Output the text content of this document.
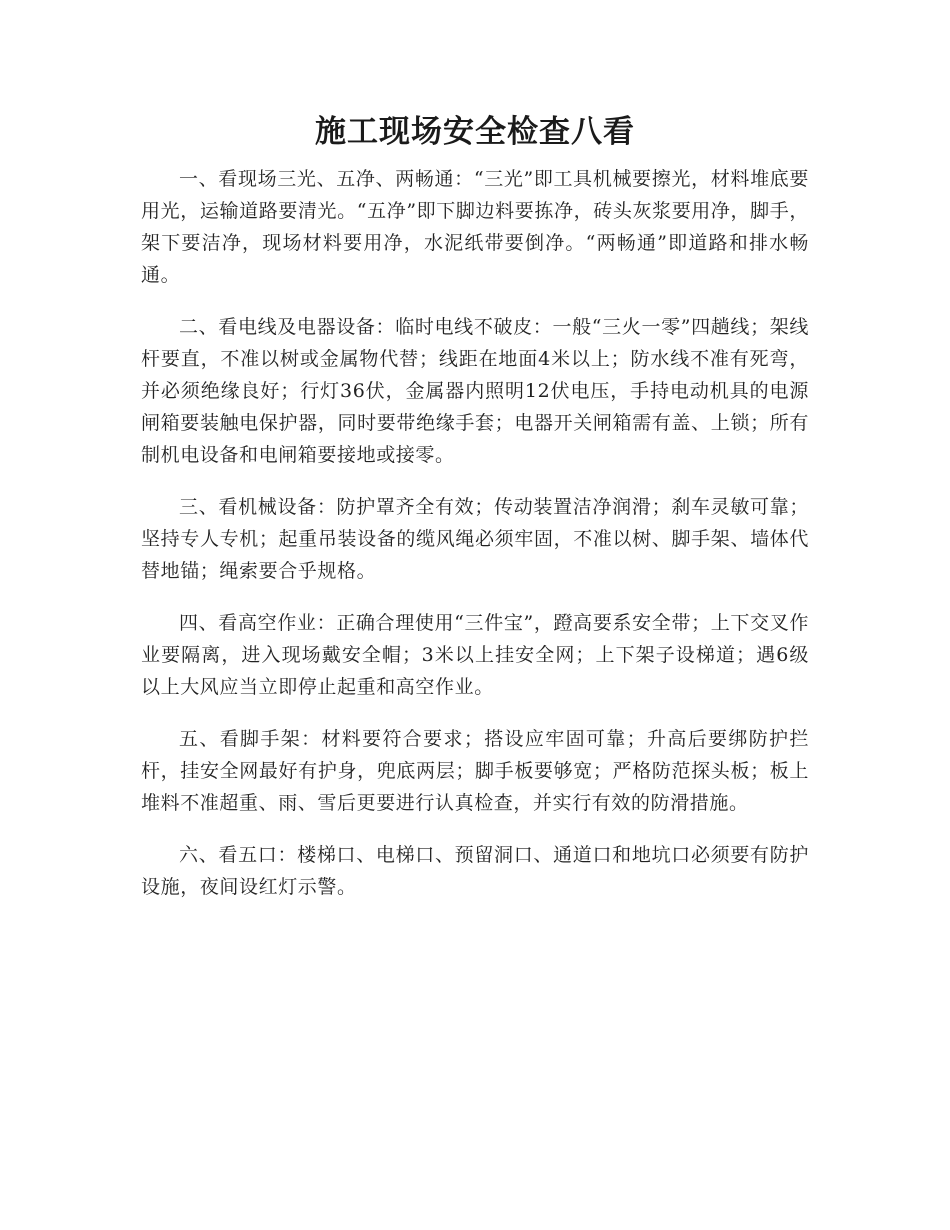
施工现场安全检查八看

一、看现场三光、五净、两畅通：“三光”即工具机械要擦光，材料堆底要用光，运输道路要清光。“五净”即下脚边料要拣净，砖头灰浆要用净，脚手，架下要洁净，现场材料要用净，水泥纸带要倒净。“两畅通”即道路和排水畅通。

二、看电线及电器设备：临时电线不破皮：一般“三火一零”四趟线；架线杆要直，不准以树或金属物代替；线距在地面4米以上；防水线不准有死弯，并必须绝缘良好；行灯36伏，金属器内照明12伏电压，手持电动机具的电源闸箱要装触电保护器，同时要带绝缘手套；电器开关闸箱需有盖、上锁；所有制机电设备和电闸箱要接地或接零。

三、看机械设备：防护罩齐全有效；传动装置洁净润滑；刹车灵敏可靠；坚持专人专机；起重吊装设备的缆风绳必须牢固，不准以树、脚手架、墙体代替地锚；绳索要合乎规格。

四、看高空作业：正确合理使用“三件宝”，蹬高要系安全带；上下交叉作业要隔离，进入现场戴安全帽；3米以上挂安全网；上下架子设梯道；遇6级以上大风应当立即停止起重和高空作业。

五、看脚手架：材料要符合要求；搭设应牢固可靠；升高后要绑防护拦杆，挂安全网最好有护身，兜底两层；脚手板要够宽；严格防范探头板；板上堆料不准超重、雨、雪后更要进行认真检查，并实行有效的防滑措施。

六、看五口：楼梯口、电梯口、预留洞口、通道口和地坑口必须要有防护设施，夜间设红灯示警。
